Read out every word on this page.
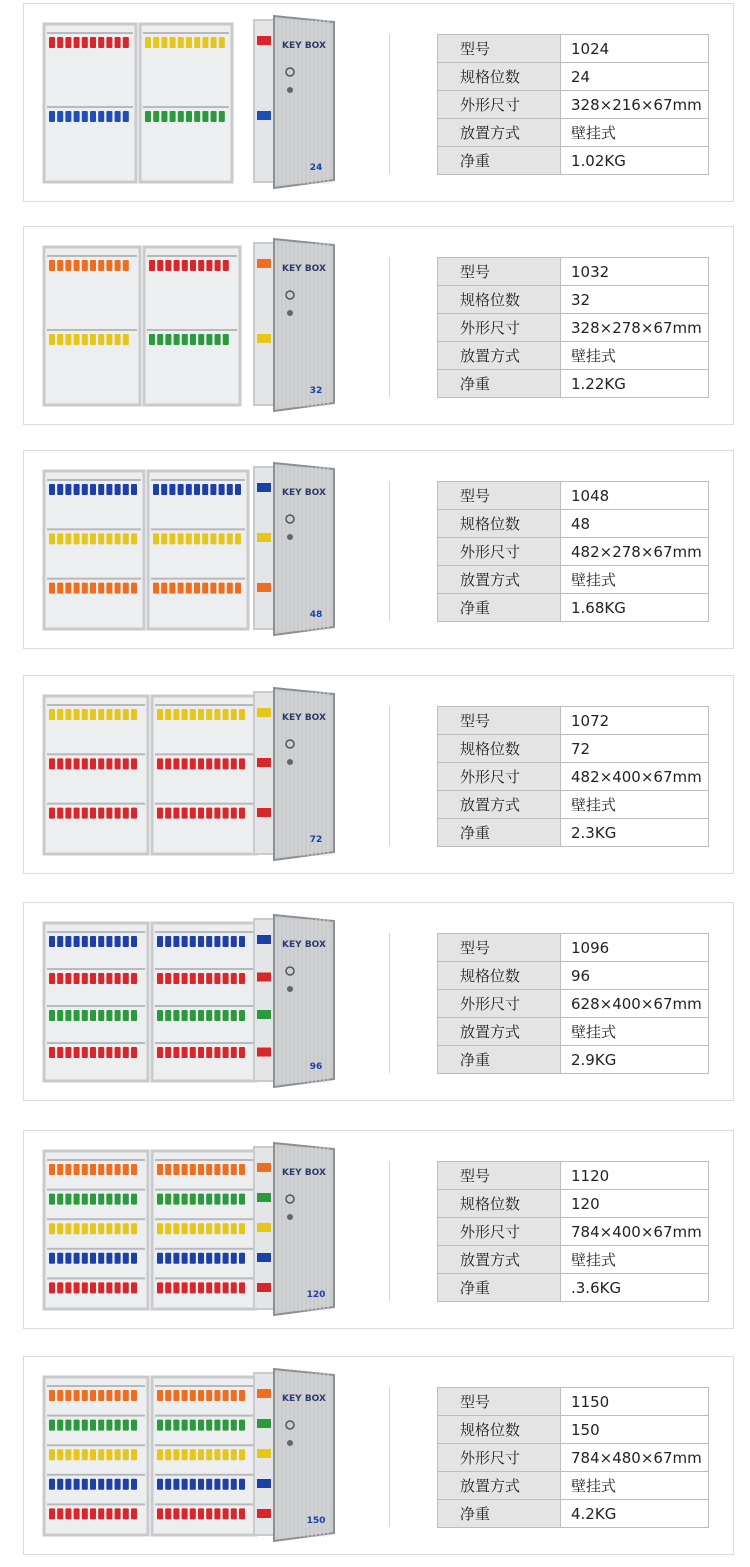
KEY BOX
24
型号	1024
规格位数	24
外形尺寸	328×216×67mm
放置方式	壁挂式
净重	1.02KG
KEY BOX
32
型号	1032
规格位数	32
外形尺寸	328×278×67mm
放置方式	壁挂式
净重	1.22KG
KEY BOX
48
型号	1048
规格位数	48
外形尺寸	482×278×67mm
放置方式	壁挂式
净重	1.68KG
KEY BOX
72
型号	1072
规格位数	72
外形尺寸	482×400×67mm
放置方式	壁挂式
净重	2.3KG
KEY BOX
96
型号	1096
规格位数	96
外形尺寸	628×400×67mm
放置方式	壁挂式
净重	2.9KG
KEY BOX
120
型号	1120
规格位数	120
外形尺寸	784×400×67mm
放置方式	壁挂式
净重	.3.6KG
KEY BOX
150
型号	1150
规格位数	150
外形尺寸	784×480×67mm
放置方式	壁挂式
净重	4.2KG
